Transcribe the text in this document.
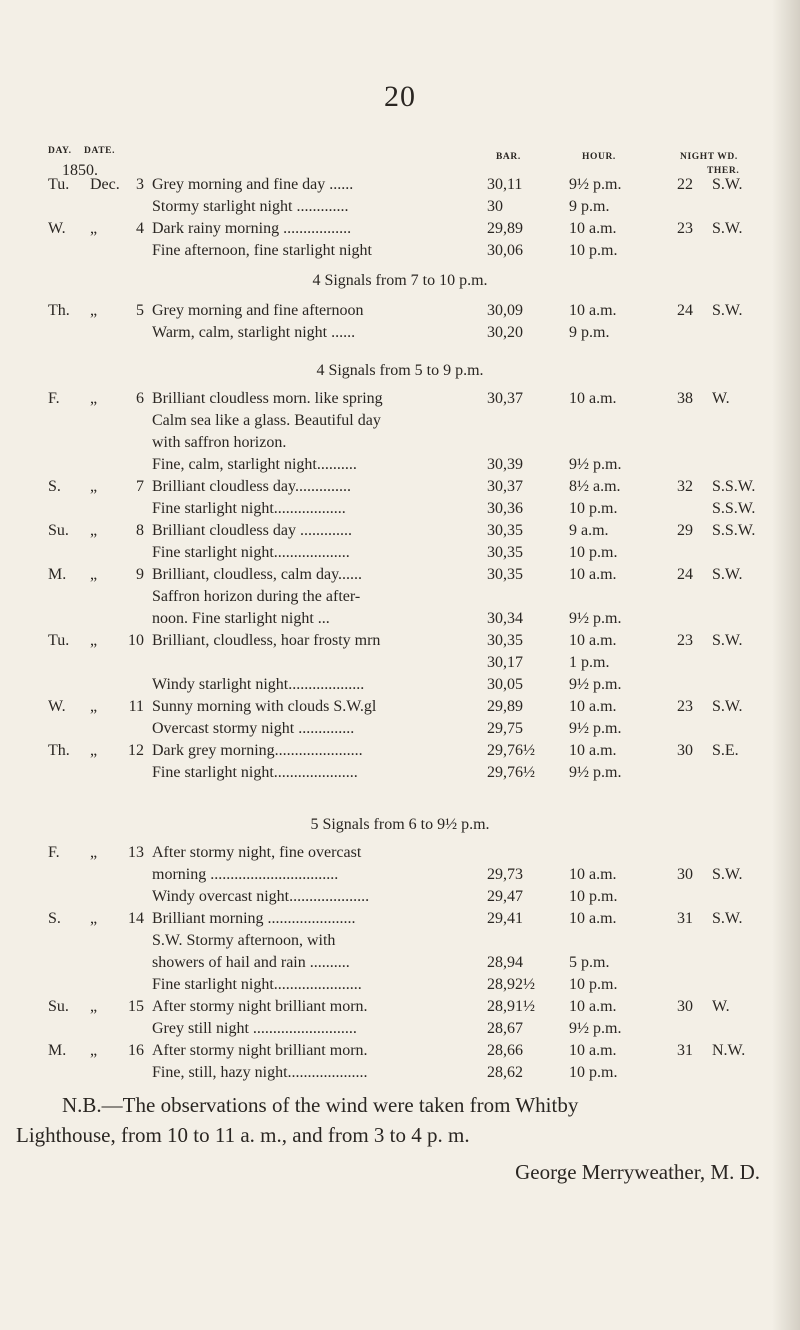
20
DAY. DATE.
BAR.	HOUR.	NIGHT WD.
THER.
1850.
Tu. Dec.	3 Grey morning and fine day ......	30,11	9½ p.m.	22 S.W.
Stormy starlight night .............	30	9 p.m.
W. „	4 Dark rainy morning .................	29,89	10 a.m.	23 S.W.
Fine afternoon, fine starlight night	30,06	10 p.m.
Th. „	5 Grey morning and fine afternoon	30,09	10 a.m.	24 S.W.
Warm, calm, starlight night ......	30,20	9 p.m.
F. „	6 Brilliant cloudless morn. like spring	30,37	10 a.m.	38 W.
Calm sea like a glass. Beautiful day
with saffron horizon.
Fine, calm, starlight night..........	30,39	9½ p.m.
S. „	7 Brilliant cloudless day..............	30,37	8½ a.m.	32 S.S.W.
Fine starlight night..................	30,36	10 p.m.	S.S.W.
Su. „	8 Brilliant cloudless day .............	30,35	9 a.m.	29 S.S.W.
Fine starlight night...................	30,35	10 p.m.
M. „	9 Brilliant, cloudless, calm day......	30,35	10 a.m.	24 S.W.
Saffron horizon during the after-
noon. Fine starlight night ...	30,34	9½ p.m.
Tu. „	10 Brilliant, cloudless, hoar frosty mrn	30,35	10 a.m.	23 S.W.
30,17	1 p.m.
Windy starlight night...................	30,05	9½ p.m.
W. „	11 Sunny morning with clouds S.W.gl	29,89	10 a.m.	23 S.W.
Overcast stormy night ..............	29,75	9½ p.m.
Th. „	12 Dark grey morning......................	29,76½ 10 a.m.	30 S.E.
Fine starlight night.....................	29,76½ 9½ p.m.
F. „	13 After stormy night, fine overcast
morning ................................	29,73	10 a.m.	30 S.W.
Windy overcast night....................	29,47	10 p.m.
S. „	14 Brilliant morning ......................	29,41	10 a.m.	31 S.W.
S.W. Stormy afternoon, with
showers of hail and rain ..........	28,94	5 p.m.
Fine starlight night......................	28,92½ 10 p.m.
Su. „	15 After stormy night brilliant morn.	28,91½ 10 a.m.	30 W.
Grey still night ..........................	28,67	9½ p.m.
M. „	16 After stormy night brilliant morn.	28,66	10 a.m.	31 N.W.
Fine, still, hazy night....................	28,62	10 p.m.
4 Signals from 7 to 10 p.m.
4 Signals from 5 to 9 p.m.
5 Signals from 6 to 9½ p.m.
N.B.—The observations of the wind were taken from Whitby
Lighthouse, from 10 to 11 a. m., and from 3 to 4 p. m.
George Merryweather, M. D.
